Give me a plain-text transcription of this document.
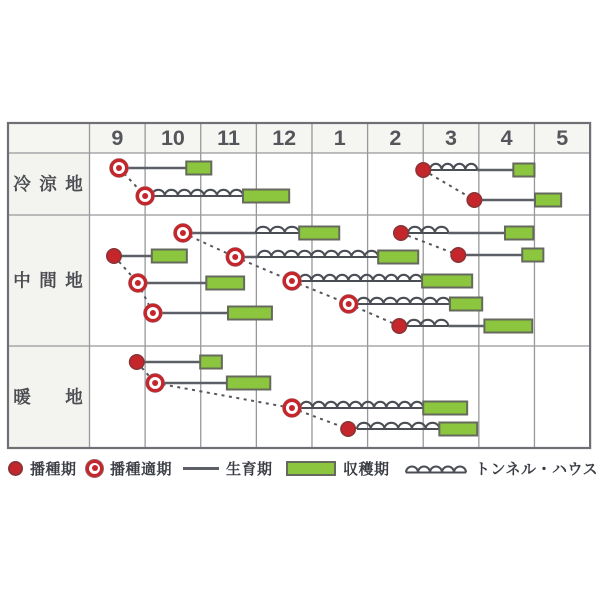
9 10 11 12 1 2 3 4 5
冷 涼 地
中 間 地
暖 地
播種期 播種適期	生育期	収穫期	トンネル・ハウス
